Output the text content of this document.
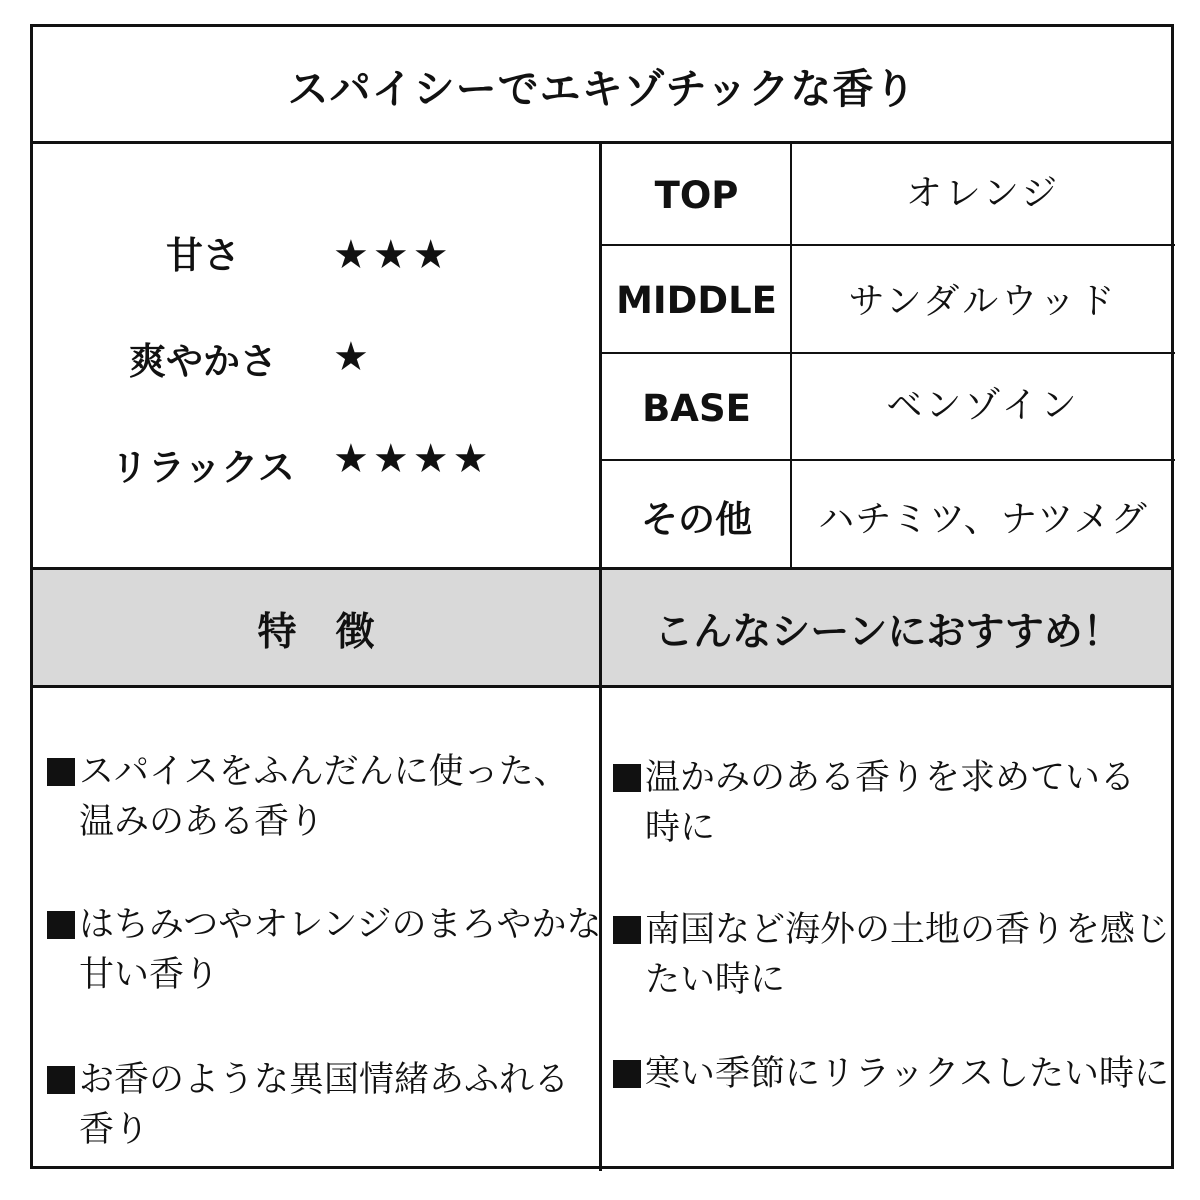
スパイシーでエキゾチックな香り
甘さ	★★★
爽やかさ	★
リラックス ★★★★
TOP	オレンジ
MIDDLE	サンダルウッド
BASE	ベンゾイン
その他	ハチミツ、ナツメグ
特　徴	こんなシーンにおすすめ！
スパイスをふんだんに使った、
温みのある香り
はちみつやオレンジのまろやかな
甘い香り
お香のような異国情緒あふれる
香り
温かみのある香りを求めている
時に
南国など海外の土地の香りを感じ
たい時に
寒い季節にリラックスしたい時に
